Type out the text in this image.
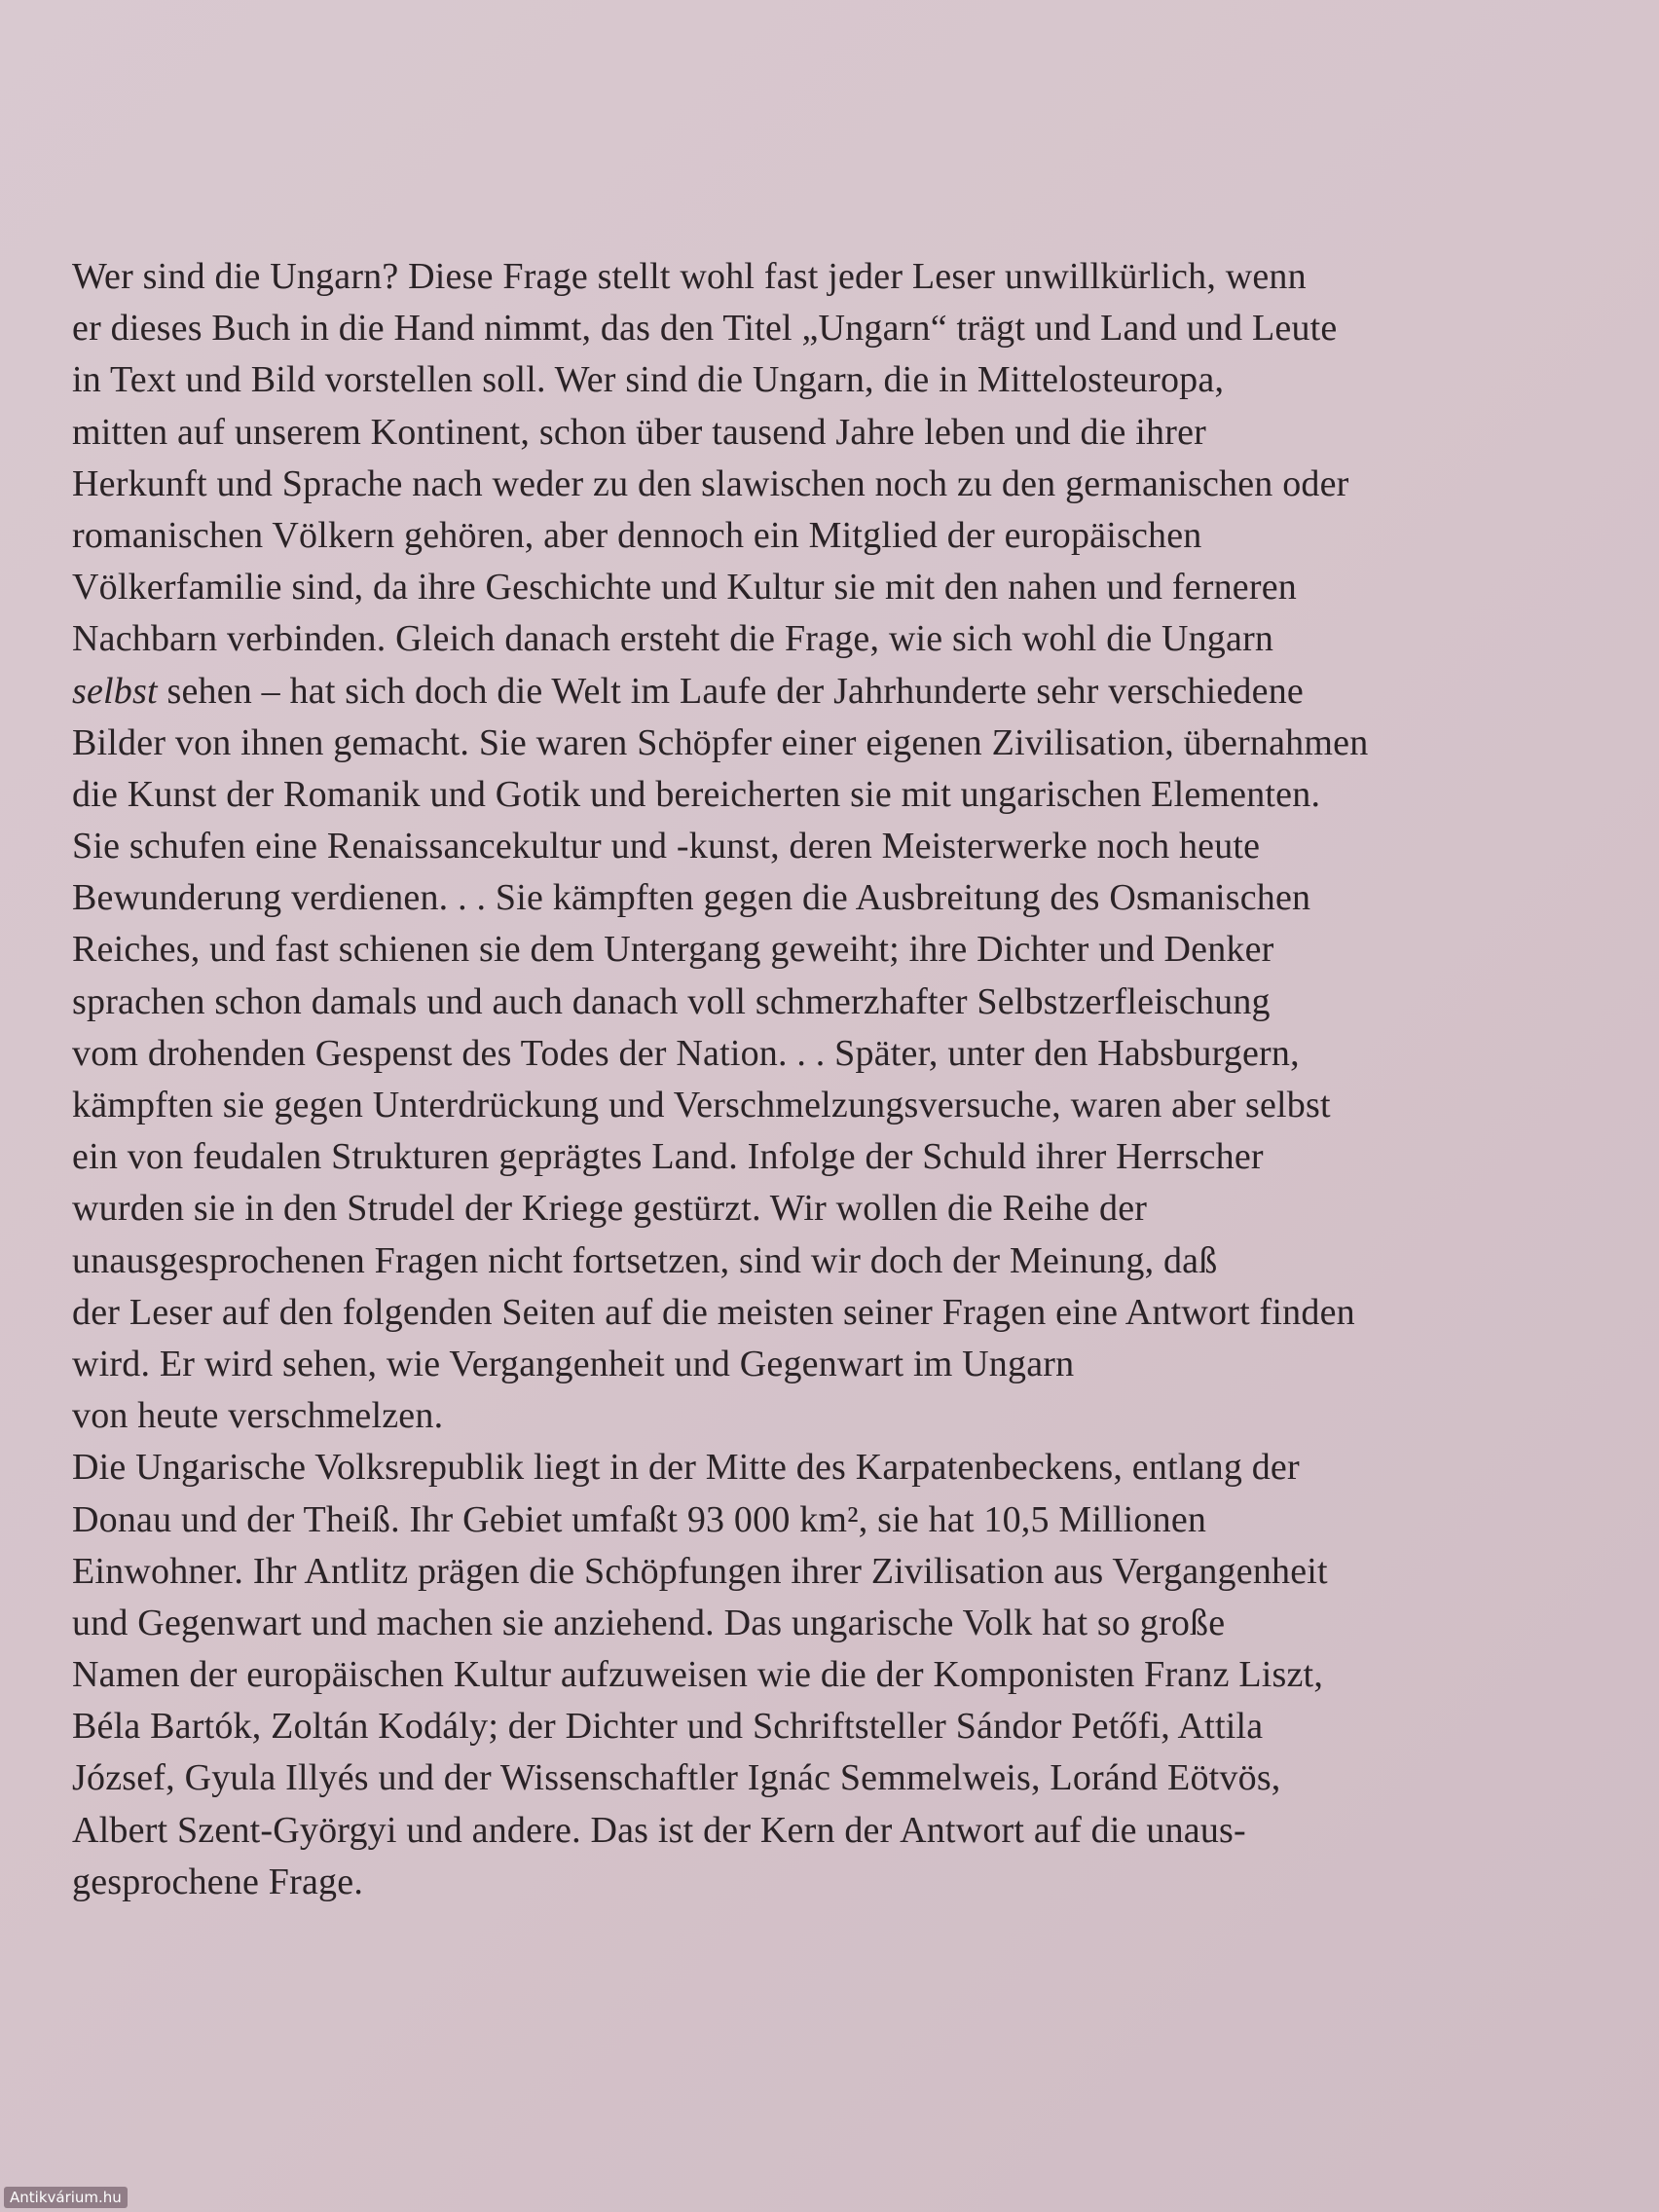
Wer sind die Ungarn? Diese Frage stellt wohl fast jeder Leser unwillkürlich, wenn
er dieses Buch in die Hand nimmt, das den Titel „Ungarn“ trägt und Land und Leute
in Text und Bild vorstellen soll. Wer sind die Ungarn, die in Mittelosteuropa,
mitten auf unserem Kontinent, schon über tausend Jahre leben und die ihrer
Herkunft und Sprache nach weder zu den slawischen noch zu den germanischen oder
romanischen Völkern gehören, aber dennoch ein Mitglied der europäischen
Völkerfamilie sind, da ihre Geschichte und Kultur sie mit den nahen und ferneren
Nachbarn verbinden. Gleich danach ersteht die Frage, wie sich wohl die Ungarn
selbst sehen – hat sich doch die Welt im Laufe der Jahrhunderte sehr verschiedene
Bilder von ihnen gemacht. Sie waren Schöpfer einer eigenen Zivilisation, übernahmen
die Kunst der Romanik und Gotik und bereicherten sie mit ungarischen Elementen.
Sie schufen eine Renaissancekultur und -kunst, deren Meisterwerke noch heute
Bewunderung verdienen. . . Sie kämpften gegen die Ausbreitung des Osmanischen
Reiches, und fast schienen sie dem Untergang geweiht; ihre Dichter und Denker
sprachen schon damals und auch danach voll schmerzhafter Selbstzerfleischung
vom drohenden Gespenst des Todes der Nation. . . Später, unter den Habsburgern,
kämpften sie gegen Unterdrückung und Verschmelzungsversuche, waren aber selbst
ein von feudalen Strukturen geprägtes Land. Infolge der Schuld ihrer Herrscher
wurden sie in den Strudel der Kriege gestürzt. Wir wollen die Reihe der
unausgesprochenen Fragen nicht fortsetzen, sind wir doch der Meinung, daß
der Leser auf den folgenden Seiten auf die meisten seiner Fragen eine Antwort finden
wird. Er wird sehen, wie Vergangenheit und Gegenwart im Ungarn
von heute verschmelzen.
Die Ungarische Volksrepublik liegt in der Mitte des Karpatenbeckens, entlang der
Donau und der Theiß. Ihr Gebiet umfaßt 93 000 km², sie hat 10,5 Millionen
Einwohner. Ihr Antlitz prägen die Schöpfungen ihrer Zivilisation aus Vergangenheit
und Gegenwart und machen sie anziehend. Das ungarische Volk hat so große
Namen der europäischen Kultur aufzuweisen wie die der Komponisten Franz Liszt,
Béla Bartók, Zoltán Kodály; der Dichter und Schriftsteller Sándor Petőfi, Attila
József, Gyula Illyés und der Wissenschaftler Ignác Semmelweis, Loránd Eötvös,
Albert Szent-Györgyi und andere. Das ist der Kern der Antwort auf die unaus-
gesprochene Frage.
Antikvárium.hu
